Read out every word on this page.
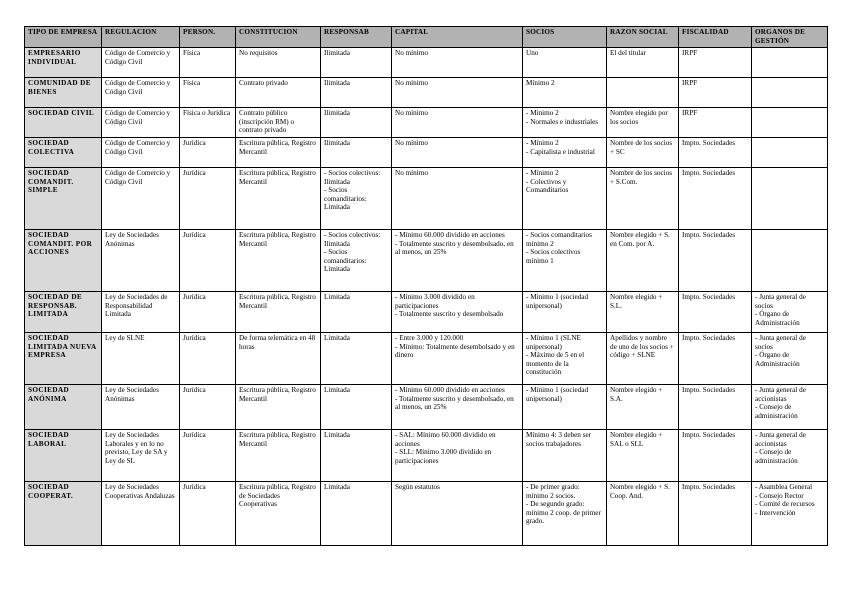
TIPO DE EMPRESA	REGULACION	PERSON.	CONSTITUCION	RESPONSAB	CAPITAL	SOCIOS	RAZON SOCIAL	FISCALIDAD	ORGANOS DE GESTIÓN

EMPRESARIO INDIVIDUAL	Código de Comercio y Código Civil	Física	No requisitos	Ilimitada	No mínimo	Uno	El del titular	IRPF	

COMUNIDAD DE BIENES	Código de Comercio y Código Civil	Física	Contrato privado	Ilimitada	No mínimo	Mínimo 2		IRPF	

SOCIEDAD CIVIL	Código de Comercio y Código Civil	Física o Jurídica	Contrato público (inscripción RM) o contrato privado	Ilimitada	No mínimo	- Mínimo 2
- Normales e industriales	Nombre elegido por los socios	IRPF	

SOCIEDAD COLECTIVA	Código de Comercio y Código Civil	Jurídica	Escritura pública, Registro Mercantil	Ilimitada	No mínimo	- Mínimo 2
- Capitalista e industrial	Nombre de los socios + SC	Impto. Sociedades	

SOCIEDAD COMANDIT. SIMPLE	Código de Comercio y Código Civil	Jurídica	Escritura pública, Registro Mercantil	- Socios colectivos: Ilimitada
- Socios comanditarios: Limitada	No mínimo	- Mínimo 2
- Colectivos y Comanditarios	Nombre de los socios + S.Com.	Impto. Sociedades	

SOCIEDAD COMANDIT. POR ACCIONES	Ley de Sociedades Anónimas	Jurídica	Escritura pública, Registro Mercantil	- Socios colectivos: Ilimitada
- Socios comanditarios: Limitada	- Mínimo 60.000 dividido en acciones
- Totalmente suscrito y desembolsado, en al menos, un 25%	- Socios comanditarios mínimo 2
- Socios colectivos mínimo 1	Nombre elegido + S. en Com. por A.	Impto. Sociedades	

SOCIEDAD DE RESPONSAB. LIMITADA	Ley de Sociedades de Responsabilidad Limitada	Jurídica	Escritura pública, Registro Mercantil	Limitada	- Mínimo 3.000 dividido en participaciones
- Totalmente suscrito y desembolsado	- Mínimo 1 (sociedad unipersonal)	Nombre elegido + S.L.	Impto. Sociedades	- Junta general de socios
- Órgano de Administración

SOCIEDAD LIMITADA NUEVA EMPRESA	Ley de SLNE	Jurídica	De forma telemática en 48 horas	Limitada	- Entre 3.000 y 120.000
- Mínimo: Totalmente desembolsado y en dinero	- Mínimo 1 (SLNE unipersonal)
- Máximo de 5 en el momento de la constitución	Apellidos y nombre de uno de los socios + código + SLNE	Impto. Sociedades	- Junta general de socios
- Órgano de Administración

SOCIEDAD ANÓNIMA	Ley de Sociedades Anónimas	Jurídica	Escritura pública, Registro Mercantil	Limitada	- Mínimo 60.000 dividido en acciones
- Totalmente suscrito y desembolsado, en al menos, un 25%	- Mínimo 1 (sociedad unipersonal)	Nombre elegido + S.A.	Impto. Sociedades	- Junta general de accionistas
- Consejo de administración

SOCIEDAD LABORAL	Ley de Sociedades Laborales y en lo no previsto, Ley de SA y Ley de SL	Jurídica	Escritura pública, Registro Mercantil	Limitada	- SAL: Mínimo 60.000 dividido en acciones
- SLL: Mínimo 3.000 dividido en participaciones	Mínimo 4: 3 deben ser socios trabajadores	Nombre elegido + SAL o SLL	Impto. Sociedades	- Junta general de accionistas
- Consejo de administración

SOCIEDAD COOPERAT.	Ley de Sociedades Cooperativas Andaluzas	Jurídica	Escritura pública, Registro de Sociedades Cooperativas	Limitada	Según estatutos	- De primer grado: mínimo 2 socios.
- De segundo grado: mínimo 2 coop. de primer grado.	Nombre elegido + S. Coop. And.	Impto. Sociedades	- Asamblea General
- Consejo Rector
- Comité de recursos
- Intervención
